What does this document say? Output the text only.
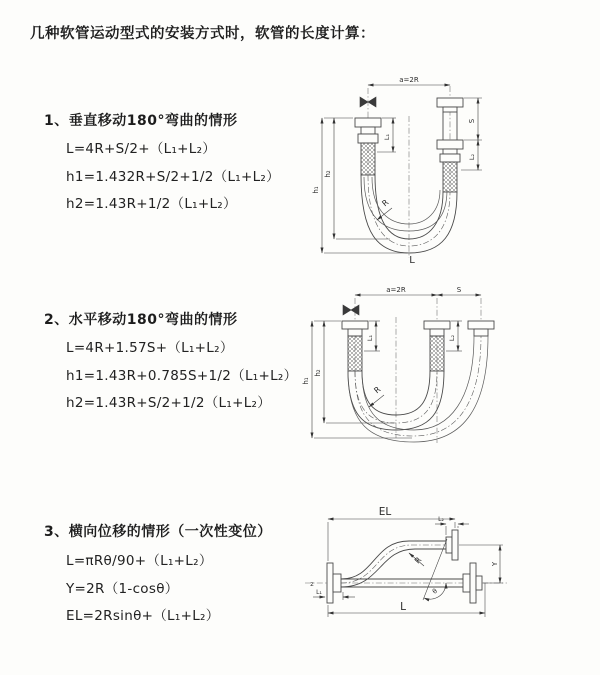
几种软管运动型式的安装方式时，软管的长度计算：
1、垂直移动180°弯曲的情形
L=4R+S/2+（L₁+L₂）
h1=1.432R+S/2+1/2（L₁+L₂）
h2=1.43R+1/2（L₁+L₂）
a=2R
h₁
h₂
L₁
S
L₂
R
L
2、水平移动180°弯曲的情形
L=4R+1.57S+（L₁+L₂）
h1=1.43R+0.785S+1/2（L₁+L₂）
h2=1.43R+S/2+1/2（L₁+L₂）
a=2R	S
L₁	L₂
h₁
h₂
R
3、横向位移的情形（一次性变位）
L=πRθ/90+（L₁+L₂）
Y=2R（1-cosθ）
EL=2Rsinθ+（L₁+L₂）
z
EL
L₂
Y
θ
R
L₁
L
